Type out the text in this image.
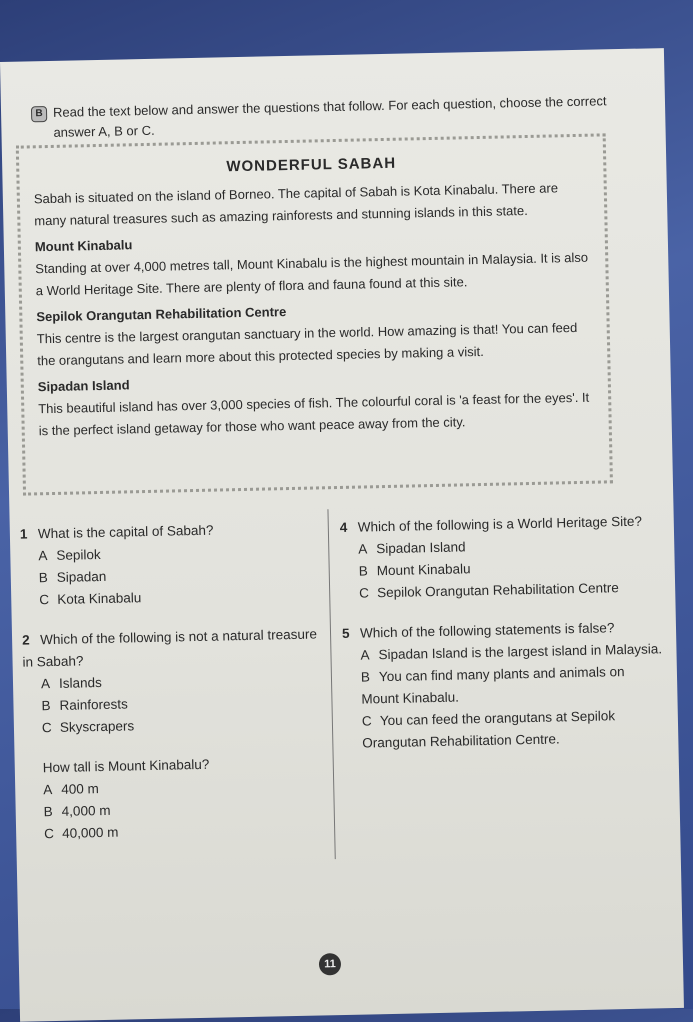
B Read the text below and answer the questions that follow. For each question, choose the correct answer A, B or C.
WONDERFUL SABAH

Sabah is situated on the island of Borneo. The capital of Sabah is Kota Kinabalu. There are many natural treasures such as amazing rainforests and stunning islands in this state.

Mount Kinabalu

Standing at over 4,000 metres tall, Mount Kinabalu is the highest mountain in Malaysia. It is also a World Heritage Site. There are plenty of flora and fauna found at this site.

Sepilok Orangutan Rehabilitation Centre

This centre is the largest orangutan sanctuary in the world. How amazing is that! You can feed the orangutans and learn more about this protected species by making a visit.

Sipadan Island

This beautiful island has over 3,000 species of fish. The colourful coral is 'a feast for the eyes'. It is the perfect island getaway for those who want peace away from the city.

1 What is the capital of Sabah?
A Sepilok
B Sipadan
C Kota Kinabalu
2 Which of the following is not a natural treasure in Sabah?
A Islands
B Rainforests
C Skyscrapers
How tall is Mount Kinabalu?
A 400 m
B 4,000 m
C 40,000 m
4 Which of the following is a World Heritage Site?
A Sipadan Island
B Mount Kinabalu
C Sepilok Orangutan Rehabilitation Centre
5 Which of the following statements is false?
A Sipadan Island is the largest island in Malaysia.
B You can find many plants and animals on Mount Kinabalu.
C You can feed the orangutans at Sepilok Orangutan Rehabilitation Centre.
11
